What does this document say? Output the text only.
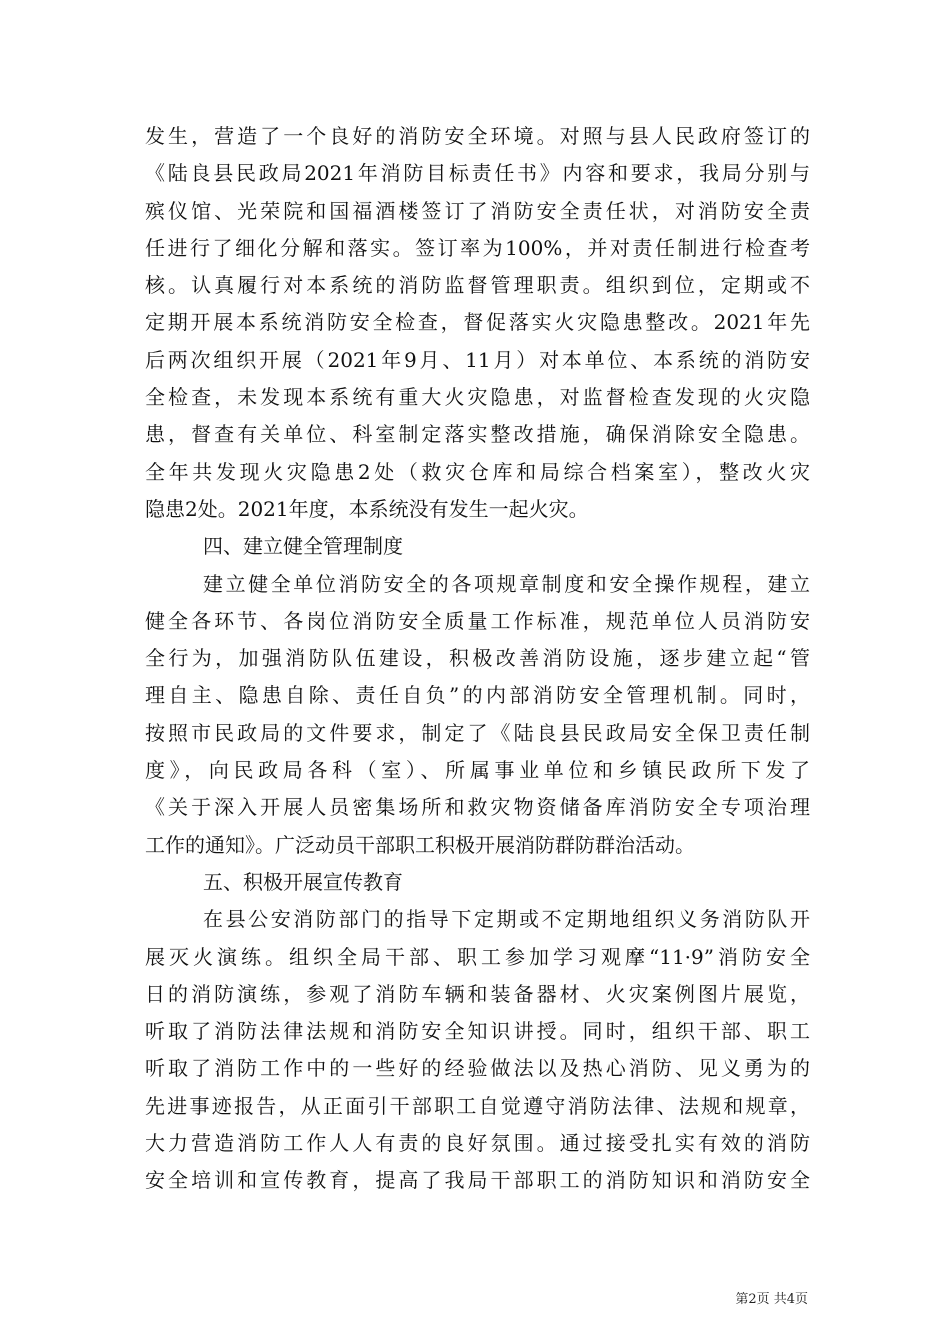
发生，营造了一个良好的消防安全环境。对照与县人民政府签订的
《陆良县民政局2021年消防目标责任书》内容和要求，我局分别与
殡仪馆、光荣院和国福酒楼签订了消防安全责任状，对消防安全责
任进行了细化分解和落实。签订率为100%，并对责任制进行检查考
核。认真履行对本系统的消防监督管理职责。组织到位，定期或不
定期开展本系统消防安全检查，督促落实火灾隐患整改。2021年先
后两次组织开展（2021年9月、11月）对本单位、本系统的消防安
全检查，未发现本系统有重大火灾隐患，对监督检查发现的火灾隐
患，督查有关单位、科室制定落实整改措施，确保消除安全隐患。
全年共发现火灾隐患2处（救灾仓库和局综合档案室），整改火灾
隐患2处。2021年度，本系统没有发生一起火灾。
四、建立健全管理制度
建立健全单位消防安全的各项规章制度和安全操作规程，建立
健全各环节、各岗位消防安全质量工作标准，规范单位人员消防安
全行为，加强消防队伍建设，积极改善消防设施，逐步建立起“管
理自主、隐患自除、责任自负”的内部消防安全管理机制。同时，
按照市民政局的文件要求，制定了《陆良县民政局安全保卫责任制
度》，向民政局各科（室）、所属事业单位和乡镇民政所下发了
《关于深入开展人员密集场所和救灾物资储备库消防安全专项治理
工作的通知》。广泛动员干部职工积极开展消防群防群治活动。
五、积极开展宣传教育
在县公安消防部门的指导下定期或不定期地组织义务消防队开
展灭火演练。组织全局干部、职工参加学习观摩“11·9”消防安全
日的消防演练，参观了消防车辆和装备器材、火灾案例图片展览，
听取了消防法律法规和消防安全知识讲授。同时，组织干部、职工
听取了消防工作中的一些好的经验做法以及热心消防、见义勇为的
先进事迹报告，从正面引干部职工自觉遵守消防法律、法规和规章，
大力营造消防工作人人有责的良好氛围。通过接受扎实有效的消防
安全培训和宣传教育，提高了我局干部职工的消防知识和消防安全
第2页 共4页
